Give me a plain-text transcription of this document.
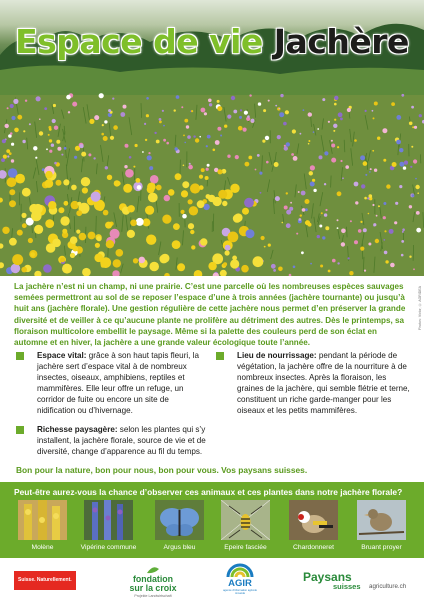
Espace de vie Jachère
Photos: Victor, © AGRIDEA

La jachère n’est ni un champ, ni une prairie. C’est une parcelle où les nombreuses espèces sauvages semées permettront au sol de se reposer l’espace d’une à trois années (jachère tournante) ou jusqu’à huit ans (jachère florale). Une gestion régulière de cette jachère nous permet d’en préserver la grande diversité et de veiller à ce qu’aucune plante ne prolifère au détriment des autres. Dès le printemps, sa floraison multicolore embellit le paysage. Même si la palette des couleurs perd de son éclat en automne et en hiver, la jachère a une grande valeur écologique toute l’année.

Espace vital: grâce à son haut tapis fleuri, la jachère sert d’espace vital à de nombreux insectes, oiseaux, amphibiens, reptiles et mammifères. Elle leur offre un refuge, un corridor de fuite ou encore un site de nidification ou d’hivernage.
Richesse paysagère: selon les plantes qui s’y installent, la jachère florale, source de vie et de diversité, change d’apparence au fil du temps.
Lieu de nourrissage: pendant la période de végétation, la jachère offre de la nourriture à de nombreux insectes. Après la floraison, les graines de la jachère, qui semble flétrie et terne, constituent un riche garde-manger pour les oiseaux et les petits mammifères.
Bon pour la nature, bon pour nous, bon pour vous. Vos paysans suisses.
Peut-être aurez-vous la chance d’observer ces animaux et ces plantes dans notre jachère florale?
Molène	Vipérine commune	Argus bleu	Epeire fasciée	Chardonneret	Bruant proyer
Suisse. Naturellement.	fondation
sur la croix
Projekte Landwirtschaft
AGIR
agence d'information agricole romande
Paysans
suisses agriculture.ch
